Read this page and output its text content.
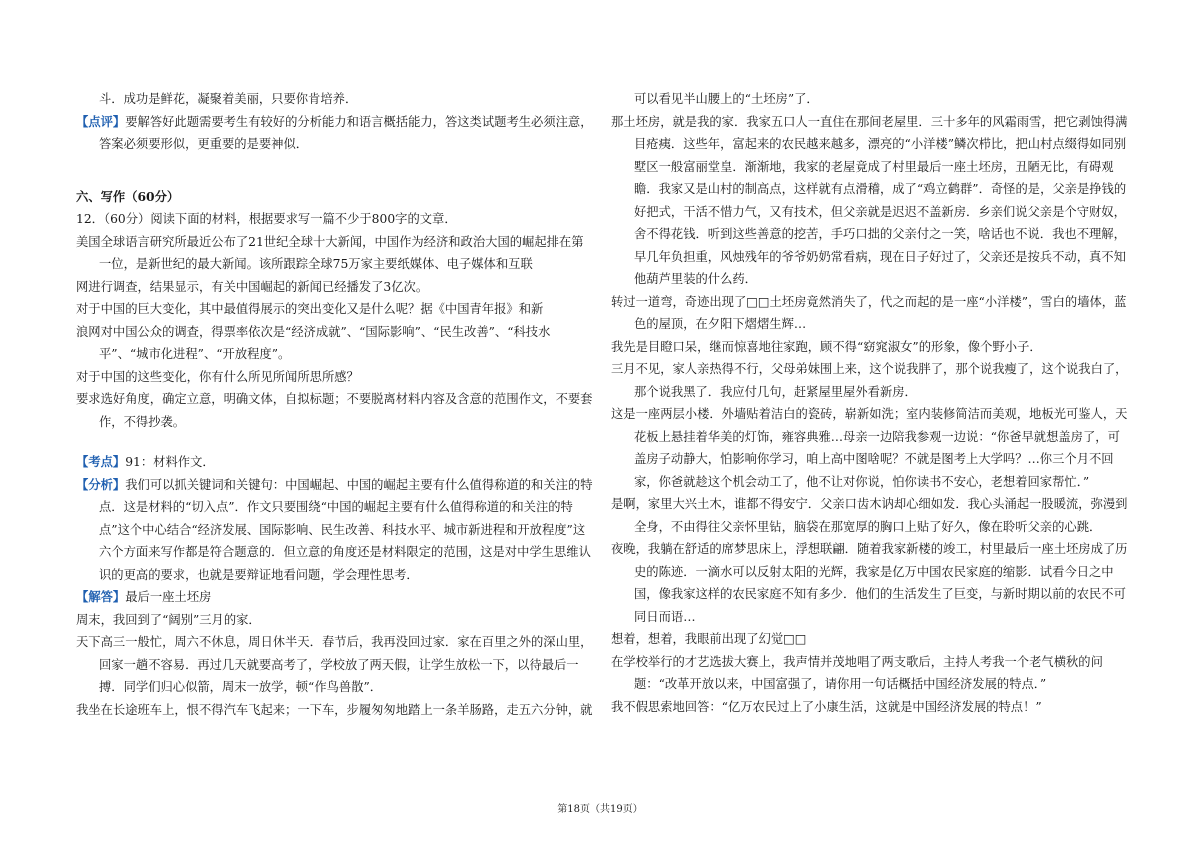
斗．成功是鲜花，凝聚着美丽，只要你肯培养．

【点评】要解答好此题需要考生有较好的分析能力和语言概括能力，答这类试题考生必须注意，答案必须要形似，更重要的是要神似．

六、写作（60分）

12．（60分）阅读下面的材料，根据要求写一篇不少于800字的文章．

美国全球语言研究所最近公布了21世纪全球十大新闻，中国作为经济和政治大国的崛起排在第一位，是新世纪的最大新闻。该所跟踪全球75万家主要纸媒体、电子媒体和互联

网进行调查，结果显示，有关中国崛起的新闻已经播发了3亿次。

对于中国的巨大变化，其中最值得展示的突出变化又是什么呢？据《中国青年报》和新

浪网对中国公众的调查，得票率依次是“经济成就”、“国际影响”、“民生改善”、“科技水平”、“城市化进程”、“开放程度”。

对于中国的这些变化，你有什么所见所闻所思所感？

要求选好角度，确定立意，明确文体，自拟标题；不要脱离材料内容及含意的范围作文，不要套作，不得抄袭。

【考点】91：材料作文．

【分析】我们可以抓关键词和关键句：中国崛起、中国的崛起主要有什么值得称道的和关注的特点．这是材料的“切入点”．作文只要围绕“中国的崛起主要有什么值得称道的和关注的特点”这个中心结合“经济发展、国际影响、民生改善、科技水平、城市新进程和开放程度”这六个方面来写作都是符合题意的．但立意的角度还是材料限定的范围，这是对中学生思维认识的更高的要求，也就是要辩证地看问题，学会理性思考．

【解答】最后一座土坯房

周末，我回到了“阔别”三月的家．

天下高三一般忙，周六不休息，周日休半天．春节后，我再没回过家．家在百里之外的深山里，回家一趟不容易．再过几天就要高考了，学校放了两天假，让学生放松一下，以待最后一搏．同学们归心似箭，周末一放学，顿“作鸟兽散”．

我坐在长途班车上，恨不得汽车飞起来；一下车，步履匆匆地踏上一条羊肠路，走五六分钟，就

可以看见半山腰上的“土坯房”了．

那土坯房，就是我的家．我家五口人一直住在那间老屋里．三十多年的风霜雨雪，把它剥蚀得满目疮痍．这些年，富起来的农民越来越多，漂亮的“小洋楼”鳞次栉比，把山村点缀得如同别墅区一般富丽堂皇．渐渐地，我家的老屋竟成了村里最后一座土坯房，丑陋无比，有碍观瞻．我家又是山村的制高点，这样就有点滑稽，成了“鸡立鹤群”．奇怪的是，父亲是挣钱的好把式，干活不惜力气，又有技术，但父亲就是迟迟不盖新房．乡亲们说父亲是个守财奴，舍不得花钱．听到这些善意的挖苦，手巧口拙的父亲付之一笑，啥话也不说．我也不理解，早几年负担重，风烛残年的爷爷奶奶常看病，现在日子好过了，父亲还是按兵不动，真不知他葫芦里装的什么药．

转过一道弯，奇迹出现了□□土坯房竟然消失了，代之而起的是一座“小洋楼”，雪白的墙体，蓝色的屋顶，在夕阳下熠熠生辉…

我先是目瞪口呆，继而惊喜地往家跑，顾不得“窈窕淑女”的形象，像个野小子．

三月不见，家人亲热得不行，父母弟妹围上来，这个说我胖了，那个说我瘦了，这个说我白了，那个说我黑了．我应付几句，赶紧屋里屋外看新房．

这是一座两层小楼．外墙贴着洁白的瓷砖，崭新如洗；室内装修简洁而美观，地板光可鉴人，天花板上悬挂着华美的灯饰，雍容典雅…母亲一边陪我参观一边说：“你爸早就想盖房了，可盖房子动静大，怕影响你学习，咱上高中图啥呢？不就是图考上大学吗？…你三个月不回家，你爸就趁这个机会动工了，他不让对你说，怕你读书不安心，老想着回家帮忙．”

是啊，家里大兴土木，谁都不得安宁．父亲口齿木讷却心细如发．我心头涌起一股暖流，弥漫到全身，不由得往父亲怀里钻，脑袋在那宽厚的胸口上贴了好久，像在聆听父亲的心跳．

夜晚，我躺在舒适的席梦思床上，浮想联翩．随着我家新楼的竣工，村里最后一座土坯房成了历史的陈迹．一滴水可以反射太阳的光辉，我家是亿万中国农民家庭的缩影．试看今日之中国，像我家这样的农民家庭不知有多少．他们的生活发生了巨变，与新时期以前的农民不可同日而语…

想着，想着，我眼前出现了幻觉□□

在学校举行的才艺选拔大赛上，我声情并茂地唱了两支歌后，主持人考我一个老气横秋的问题：“改革开放以来，中国富强了，请你用一句话概括中国经济发展的特点．”

我不假思索地回答：“亿万农民过上了小康生活，这就是中国经济发展的特点！”

第18页（共19页）
